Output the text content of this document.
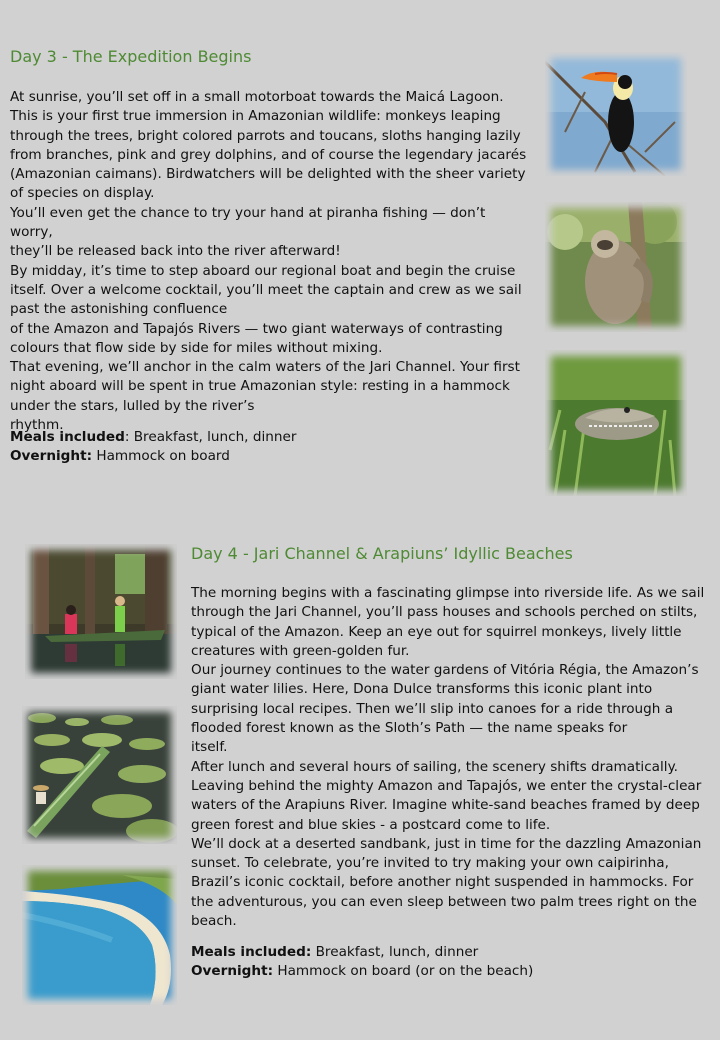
Day 3 - The Expedition Begins

At sunrise, you’ll set off in a small motorboat towards the Maicá Lagoon.

This is your first true immersion in Amazonian wildlife: monkeys leaping

through the trees, bright colored parrots and toucans, sloths hanging lazily

from branches, pink and grey dolphins, and of course the legendary jacarés

(Amazonian caimans). Birdwatchers will be delighted with the sheer variety

of species on display.

You’ll even get the chance to try your hand at piranha fishing — don’t worry,

they’ll be released back into the river afterward!

By midday, it’s time to step aboard our regional boat and begin the cruise

itself. Over a welcome cocktail, you’ll meet the captain and crew as we sail

past the astonishing confluence

of the Amazon and Tapajós Rivers — two giant waterways of contrasting

colours that flow side by side for miles without mixing.

That evening, we’ll anchor in the calm waters of the Jari Channel. Your first

night aboard will be spent in true Amazonian style: resting in a hammock

under the stars, lulled by the river’s

rhythm.

Meals included: Breakfast, lunch, dinner
Overnight: Hammock on board
Day 4 - Jari Channel & Arapiuns’ Idyllic Beaches

The morning begins with a fascinating glimpse into riverside life. As we sail

through the Jari Channel, you’ll pass houses and schools perched on stilts,

typical of the Amazon. Keep an eye out for squirrel monkeys, lively little

creatures with green-golden fur.

Our journey continues to the water gardens of Vitória Régia, the Amazon’s

giant water lilies. Here, Dona Dulce transforms this iconic plant into

surprising local recipes. Then we’ll slip into canoes for a ride through a

flooded forest known as the Sloth’s Path — the name speaks for

itself.

After lunch and several hours of sailing, the scenery shifts dramatically.

Leaving behind the mighty Amazon and Tapajós, we enter the crystal-clear

waters of the Arapiuns River. Imagine white-sand beaches framed by deep

green forest and blue skies - a postcard come to life.

We’ll dock at a deserted sandbank, just in time for the dazzling Amazonian

sunset. To celebrate, you’re invited to try making your own caipirinha,

Brazil’s iconic cocktail, before another night suspended in hammocks. For

the adventurous, you can even sleep between two palm trees right on the

beach.

Meals included: Breakfast, lunch, dinner
Overnight: Hammock on board (or on the beach)
